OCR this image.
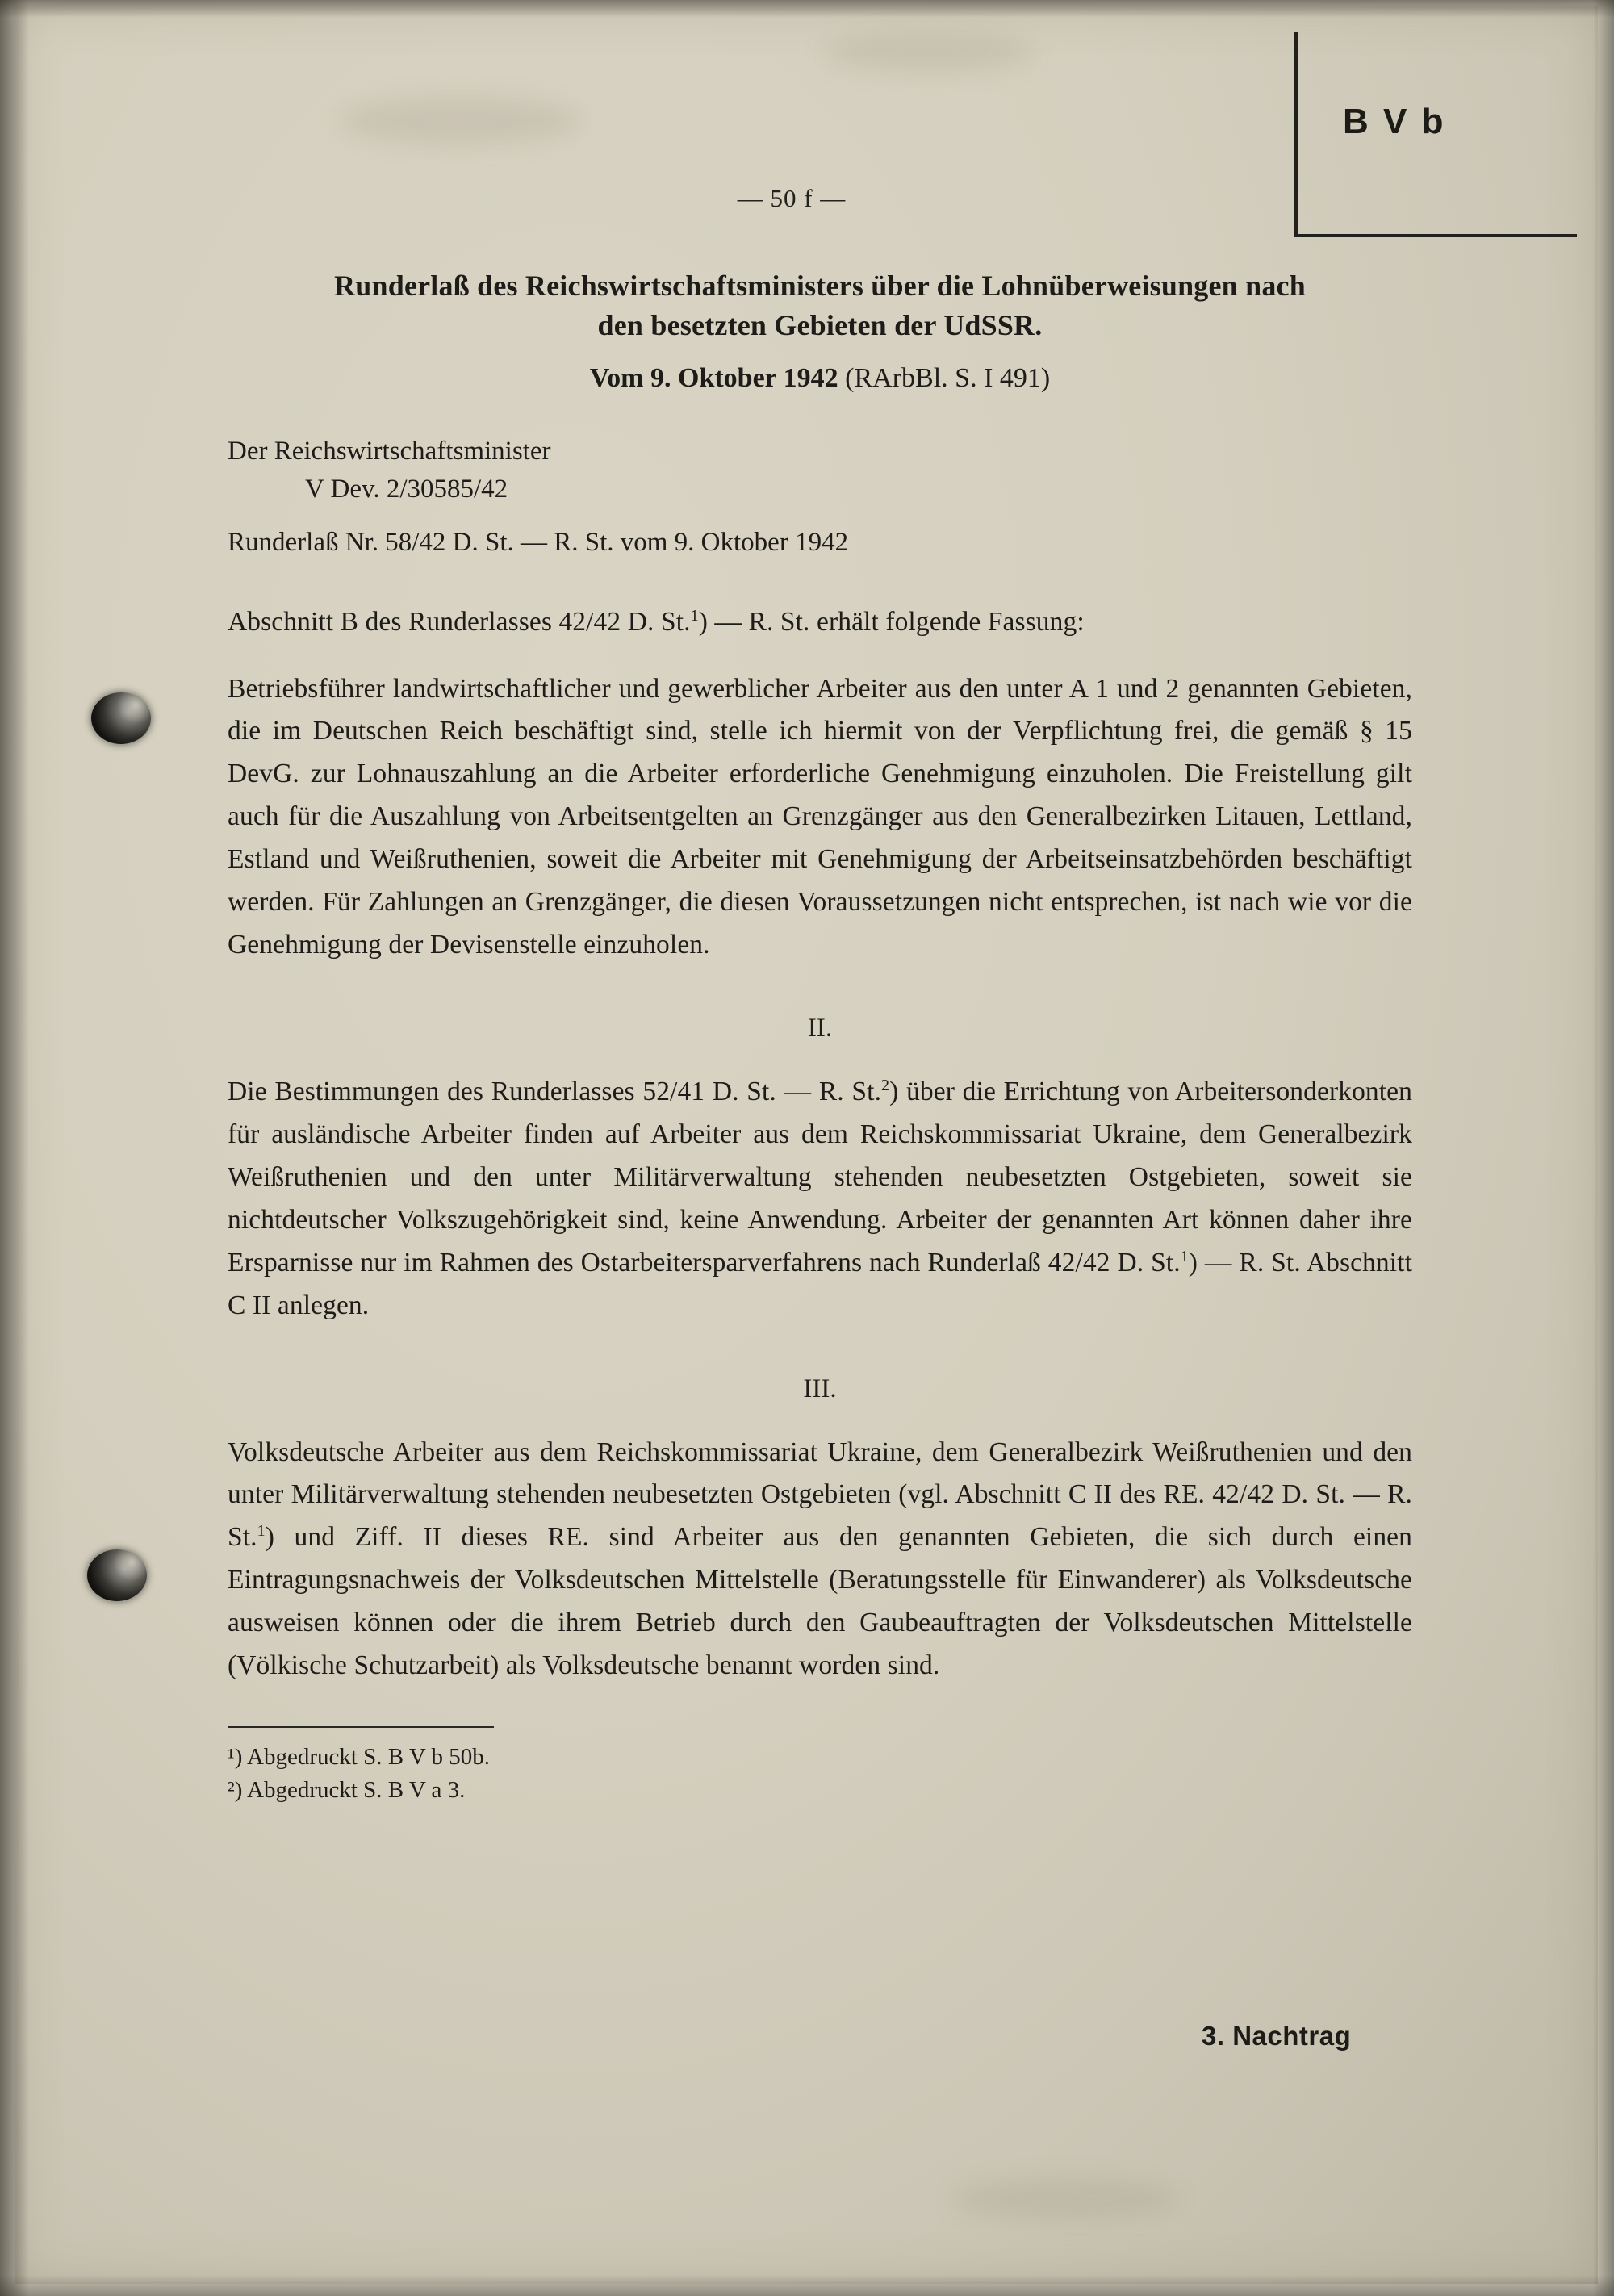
B V b
— 50 f —
Runderlaß des Reichswirtschaftsministers über die Lohnüberweisungen nach
den besetzten Gebieten der UdSSR.
Vom 9. Oktober 1942 (RArbBl. S. I 491)
Der Reichswirtschaftsminister
V Dev. 2/30585/42
Runderlaß Nr. 58/42 D. St. — R. St. vom 9. Oktober 1942

Abschnitt B des Runderlasses 42/42 D. St.$^1$) — R. St. erhält folgende Fassung:

Betriebsführer landwirtschaftlicher und gewerblicher Arbeiter aus den unter A 1 und 2 genannten Gebieten, die im Deutschen Reich beschäftigt sind, stelle ich hiermit von der Verpflichtung frei, die gemäß § 15 DevG. zur Lohnauszahlung an die Arbeiter erforderliche Genehmigung einzuholen. Die Freistellung gilt auch für die Auszahlung von Arbeitsentgelten an Grenzgänger aus den Generalbezirken Litauen, Lettland, Estland und Weißruthenien, soweit die Arbeiter mit Genehmigung der Arbeitseinsatzbehörden beschäftigt werden. Für Zahlungen an Grenzgänger, die diesen Voraussetzungen nicht entsprechen, ist nach wie vor die Genehmigung der Devisenstelle einzuholen.

II.

Die Bestimmungen des Runderlasses 52/41 D. St. — R. St.$^2$) über die Errichtung von Arbeitersonderkonten für ausländische Arbeiter finden auf Arbeiter aus dem Reichskommissariat Ukraine, dem Generalbezirk Weißruthenien und den unter Militärverwaltung stehenden neubesetzten Ostgebieten, soweit sie nichtdeutscher Volkszugehörigkeit sind, keine Anwendung. Arbeiter der genannten Art können daher ihre Ersparnisse nur im Rahmen des Ostarbeitersparverfahrens nach Runderlaß 42/42 D. St.$^1$) — R. St. Abschnitt C II anlegen.

III.

Volksdeutsche Arbeiter aus dem Reichskommissariat Ukraine, dem Generalbezirk Weißruthenien und den unter Militärverwaltung stehenden neubesetzten Ostgebieten (vgl. Abschnitt C II des RE. 42/42 D. St. — R. St.$^1$) und Ziff. II dieses RE. sind Arbeiter aus den genannten Gebieten, die sich durch einen Eintragungsnachweis der Volksdeutschen Mittelstelle (Beratungsstelle für Einwanderer) als Volksdeutsche ausweisen können oder die ihrem Betrieb durch den Gaubeauftragten der Volksdeutschen Mittelstelle (Völkische Schutzarbeit) als Volksdeutsche benannt worden sind.

¹) Abgedruckt S. B V b 50b.
²) Abgedruckt S. B V a 3.
3. Nachtrag
